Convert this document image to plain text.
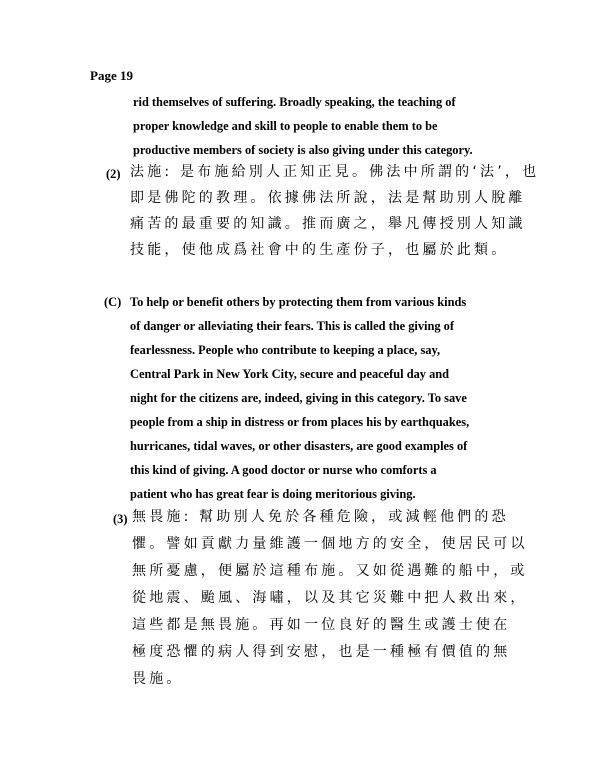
Page 19
rid themselves of suffering. Broadly speaking, the teaching of
proper knowledge and skill to people to enable them to be
productive members of society is also giving under this category.
(2) 法施: 是布施給別人正知正見。佛法中所謂的‘法’，也
即是佛陀的教理。依據佛法所說，法是幫助別人脫離
痛苦的最重要的知識。推而廣之，舉凡傳授別人知識
技能，使他成爲社會中的生產份子，也屬於此類。
(C) To help or benefit others by protecting them from various kinds
of danger or alleviating their fears. This is called the giving of
fearlessness. People who contribute to keeping a place, say,
Central Park in New York City, secure and peaceful day and
night for the citizens are, indeed, giving in this category. To save
people from a ship in distress or from places his by earthquakes,
hurricanes, tidal waves, or other disasters, are good examples of
this kind of giving. A good doctor or nurse who comforts a
patient who has great fear is doing meritorious giving.
(3) 無畏施: 幫助別人免於各種危險，或減輕他們的恐
懼。譬如貢獻力量維護一個地方的安全，使居民可以
無所憂慮，便屬於這種布施。又如從遇難的船中，或
從地震、颱風、海嘯，以及其它災難中把人救出來，
這些都是無畏施。再如一位良好的醫生或護士使在
極度恐懼的病人得到安慰，也是一種極有價值的無
畏施。
